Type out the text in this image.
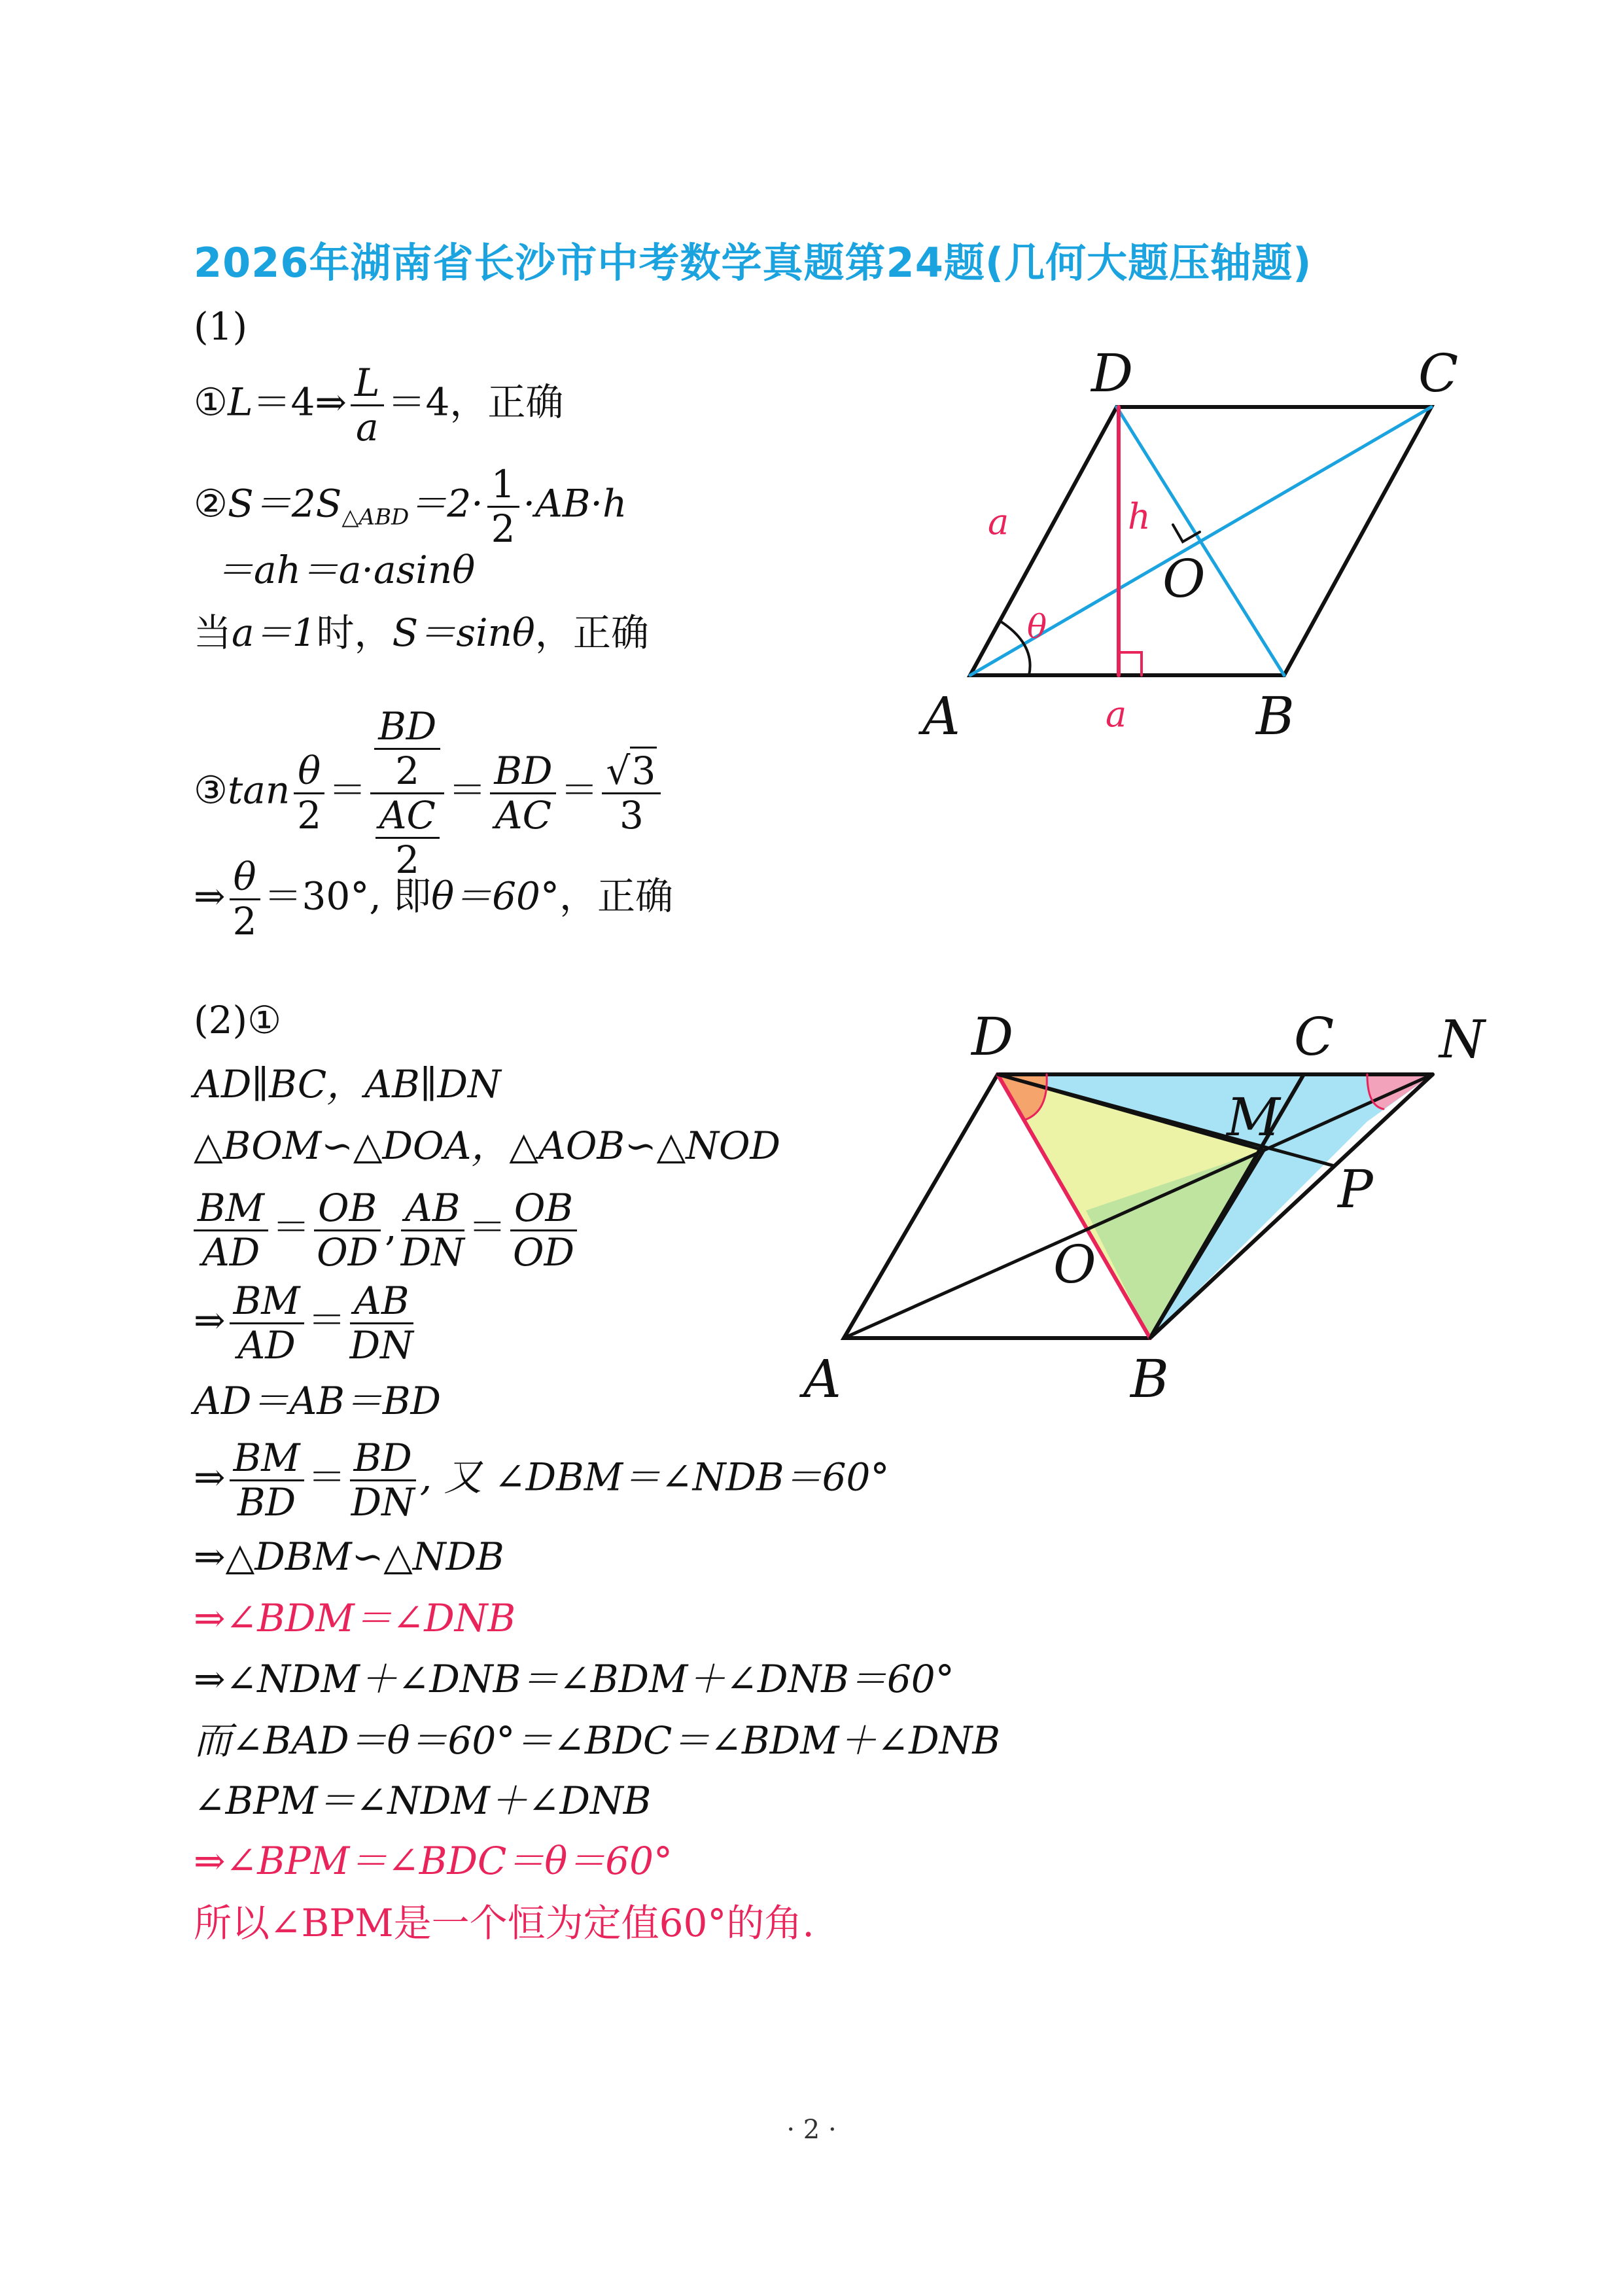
2026年湖南省长沙市中考数学真题第24题(几何大题压轴题)
(1)
①L＝4⇒ $\frac{L}{a} =4$，正确
$②S=2S_{\triangle ABD}=2\cdot \frac{1}{2} \cdot AB\cdot h$
＝ah＝a·asinθ
当a＝1时，S＝sinθ，正确
③tan $\frac{\theta}{2} = \frac{\frac{BD}{2}}{\frac{AC}{2}} = \frac{BD}{AC} = \frac{√3}{3}$
⇒ $\frac{\theta}{2} =30^\circ$, 即θ＝60°，正确
(2)①
AD∥BC，AB∥DN
△BOM∽△DOA，△AOB∽△NOD
$\frac{BM}{AD} = \frac{OB}{OD}$ , $\frac{AB}{DN} = \frac{OB}{OD}$
⇒ $\frac{BM}{AD} = \frac{AB}{DN}$
AD＝AB＝BD
⇒ $\frac{BM}{BD} = \frac{BD}{DN}$ , 又 ∠DBM＝∠NDB＝60°
⇒△DBM∽△NDB
⇒∠BDM＝∠DNB
⇒∠NDM＋∠DNB＝∠BDM＋∠DNB＝60°
而∠BAD＝θ＝60°＝∠BDC＝∠BDM＋∠DNB
∠BPM＝∠NDM＋∠DNB
⇒∠BPM＝∠BDC＝θ＝60°
所以∠BPM是一个恒为定值60°的角.
D	C
A	B
O
a
a
h
θ
D	C N
M
P
O
A	B
· 2 ·
